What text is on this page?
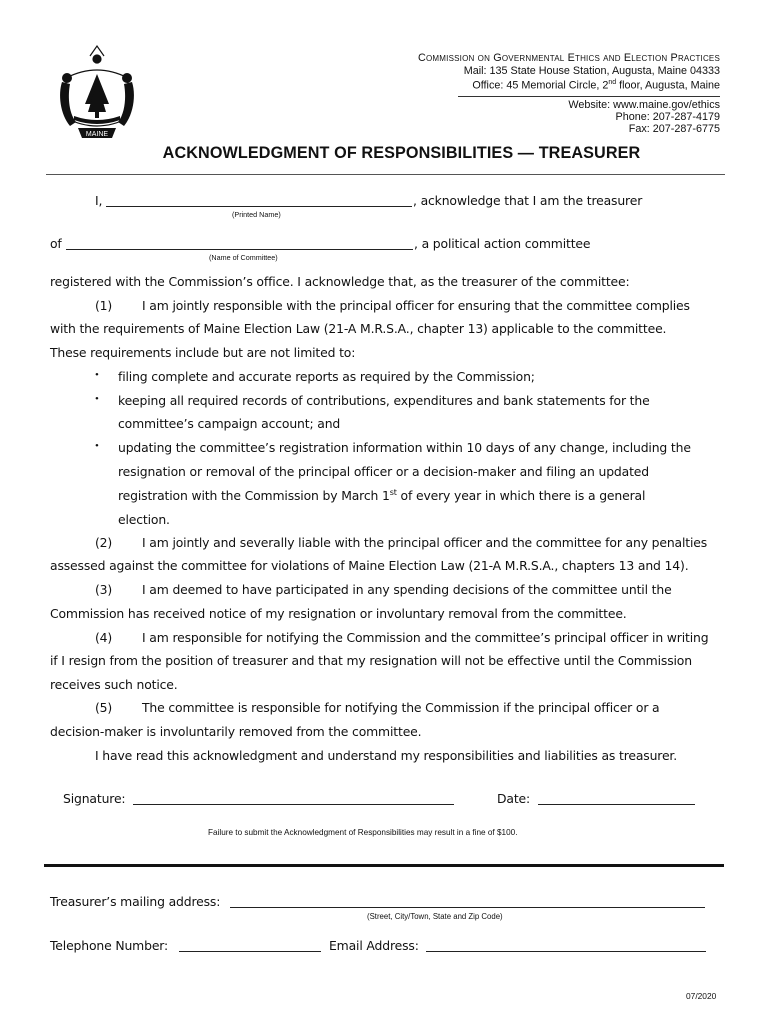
MAINE
Commission on Governmental Ethics and Election Practices
Mail: 135 State House Station, Augusta, Maine 04333
Office: 45 Memorial Circle, 2nd floor, Augusta, Maine
Website: www.maine.gov/ethics
Phone: 207-287-4179
Fax: 207-287-6775
ACKNOWLEDGMENT OF RESPONSIBILITIES — TREASURER
I,	, acknowledge that I am the treasurer
(Printed Name)
of	, a political action committee
(Name of Committee)
registered with the Commission’s office. I acknowledge that, as the treasurer of the committee:
(1) I am jointly responsible with the principal officer for ensuring that the committee complies
with the requirements of Maine Election Law (21-A M.R.S.A., chapter 13) applicable to the committee.
These requirements include but are not limited to:
• filing complete and accurate reports as required by the Commission;
• keeping all required records of contributions, expenditures and bank statements for the
committee’s campaign account; and
• updating the committee’s registration information within 10 days of any change, including the
resignation or removal of the principal officer or a decision-maker and filing an updated
registration with the Commission by March 1st of every year in which there is a general
election.
(2) I am jointly and severally liable with the principal officer and the committee for any penalties
assessed against the committee for violations of Maine Election Law (21-A M.R.S.A., chapters 13 and 14).
(3) I am deemed to have participated in any spending decisions of the committee until the
Commission has received notice of my resignation or involuntary removal from the committee.
(4) I am responsible for notifying the Commission and the committee’s principal officer in writing
if I resign from the position of treasurer and that my resignation will not be effective until the Commission
receives such notice.
(5) The committee is responsible for notifying the Commission if the principal officer or a
decision-maker is involuntarily removed from the committee.
I have read this acknowledgment and understand my responsibilities and liabilities as treasurer.
Signature:	Date:
Failure to submit the Acknowledgment of Responsibilities may result in a fine of $100.
Treasurer’s mailing address:
(Street, City/Town, State and Zip Code)
Telephone Number:	Email Address:
07/2020
